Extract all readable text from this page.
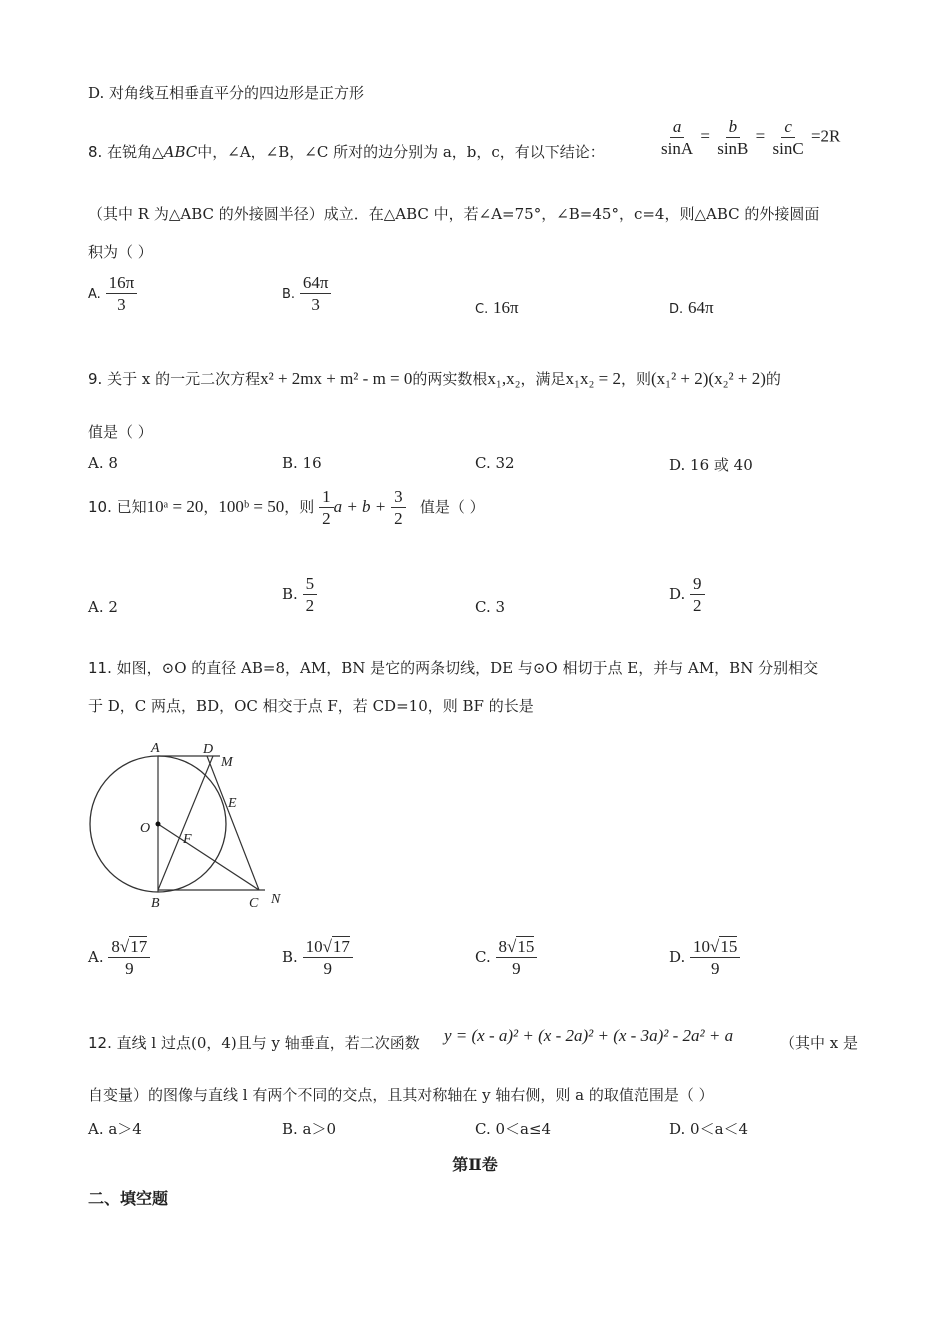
D. 对角线互相垂直平分的四边形是正方形
8. 在锐角△ABC中，∠A，∠B，∠C 所对的边分别为 a，b，c，有以下结论：	$\frac{a}{\sin A} = \frac{b}{\sin B} = \frac{c}{\sin C} =2R$
（其中 R 为△ABC 的外接圆半径）成立．在△ABC 中，若∠A=75°，∠B=45°，c=4，则△ABC 的外接圆面
积为（ ）
A. $\frac{16\pi}{3}$	B. $\frac{64\pi}{3}$	C. 16π	D. 64π
9. 关于 x 的一元二次方程x² + 2mx + m² - m = 0的两实数根x₁,x₂，满足x₁x₂ = 2，则(x₁² + 2)(x₂² + 2)的
值是（ ）
A. 8	B. 16	C. 32	D. 16 或 40
10. 已知10ᵃ = 20，100ᵇ = 50，则 $\frac{1}{2}$ $a + b + \frac{3}{2}$ 值是（ ）
A. 2
B. $\frac{5}{2}$	C. 3
D. $\frac{9}{2}$
11. 如图，⊙O 的直径 AB=8，AM，BN 是它的两条切线，DE 与⊙O 相切于点 E，并与 AM，BN 分别相交
于 D，C 两点，BD，OC 相交于点 F，若 CD=10，则 BF 的长是
A	D
M
E
O
F
B	C N
A. $\frac{8√17}{9}$	B. $\frac{10√17}{9}$	C. $\frac{8√15}{9}$	D. $\frac{10√15}{9}$
12. 直线 l 过点(0，4)且与 y 轴垂直，若二次函数 y = (x - a)² + (x - 2a)² + (x - 3a)² - 2a² + a	（其中 x 是
自变量）的图像与直线 l 有两个不同的交点，且其对称轴在 y 轴右侧，则 a 的取值范围是（ ）
A. a＞4	B. a＞0	C. 0＜a≤4	D. 0＜a＜4
第Ⅱ卷
二、填空题
